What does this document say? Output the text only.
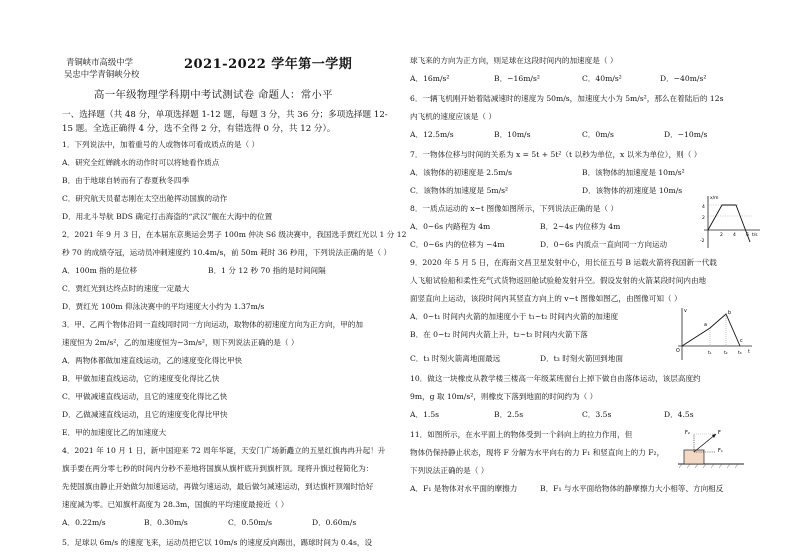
青铜峡市高级中学
吴忠中学青铜峡分校
2021-2022 学年第一学期
高一年级物理学科期中考试测试卷 命题人：常小平
一、选择题（共 48 分，单项选择题 1-12 题，每题 3 分，共 36 分；多项选择题 12-15 题。全选正确得 4 分，选不全得 2 分，有错选得 0 分，共 12 分）。
1．下列说法中，加着重号的人或物体可看成质点的是（ ）
A．研究全红婵跳水的动作时可以将她看作质点
B．由于地球自转而有了春夏秋冬四季
C．研究航天员翟志刚在太空出舱挥动国旗的动作
D．用北斗导航 BDS 确定打击海盗的“武汉”舰在大海中的位置
2．2021 年 9 月 3 日，在本届东京奥运会男子 100m 仲决 S6 级决赛中，我国选手贾红光以 1 分 12
秒 70 的成绩夺冠，运动员冲刺速度约 10.4m/s，前 50m 耗时 36 秒用，下列说法正确的是（ ）
A．100m 指的是位移	B．1 分 12 秒 70 指的是时间间隔
C．贾红光到达终点时的速度一定最大
D．贾红光 100m 仰泳决赛中的平均速度大小约为 1.37m/s
3．甲、乙两个物体沿同一直线同时同一方向运动，取物体的初速度方向为正方向，甲的加
速度恒为 2m/s²，乙的加速度恒为−3m/s²，则下列说法正确的是（ ）
A．两物体都做加速直线运动，乙的速度变化得比甲快
B．甲做加速直线运动，它的速度变化得比乙快
C．甲做减速直线运动，且它的速度变化得比乙快
D．乙做减速直线运动，且它的速度变化得比甲快
E．甲的加速度比乙的加速度大
4．2021 年 10 月 1 日，新中国迎来 72 周年华诞，天安门广场新矗立的五星红旗冉冉升起！升
旗手要在两分零七秒的时间内分秒不差地将国旗从旗杆底升到旗杆顶。现将升旗过程简化为：
先使国旗由静止开始做匀加速运动，再做匀速运动，最后做匀减速运动，到达旗杆顶端时恰好
速度减为零。已知旗杆高度为 28.3m，国旗的平均速度最接近（ ）
A．0.22m/s	B．0.30m/s	C．0.50m/s	D．0.60m/s
5．足球以 6m/s 的速度飞来，运动员把它以 10m/s 的速度反向踢出，踢球时间为 0.4s，设
球飞来的方向为正方向，则足球在这段时间内的加速度是（ ）
A．16m/s²	B．−16m/s²	C．40m/s²	D．−40m/s²
6．一辆飞机刚开始着陆减速时的速度为 50m/s，加速度大小为 5m/s²，那么在着陆后的 12s
内飞机的速度应该是（ ）
A．12.5m/s	B．10m/s	C．0m/s	D．−10m/s
7．一物体位移与时间的关系为 x = 5t + 5t²（t 以秒为单位，x 以米为单位），则（ ）
A．该物体的初速度是 2.5m/s	B．该物体的加速度是 10m/s²
C．该物体的加速度是 5m/s²	D．该物体的初速度是 10m/s
8．一质点运动的 x−t 图像如图所示，下列说法正确的是（ ）
A．0~6s 内路程为 4m	B．2~4s 内位移为 4m
C．0~6s 内的位移为 −4m	D．0~6s 内质点一直向同一方向运动
x/m
t/s
4
2
-2
2 4 6
9．2020 年 5 月 5 日，在海南文昌卫星发射中心，用长征五号 B 运载火箭将我国新一代载
人飞船试验船和柔性充气式货物返回舱试验舱发射升空。假设发射的火箭某段时间内由地
面竖直向上运动，该段时间内其竖直方向上的 v−t 图像如图乙，由图像可知（ ）
A．0~t₁ 时间内火箭的加速度小于 t₁~t₂ 时间内火箭的加速度
B．在 0~t₂ 时间内火箭上升，t₂~t₃ 时间内火箭下落
C．t₃ 时刻火箭离地面最远	D．t₃ 时刻火箭回到地面
v
t
O
a
b
c
t₁	t₂ t₃
10．做这一块橡皮从教学楼三楼高一年级某班窗台上掉下做自由落体运动，该层高度约
9m，g 取 10m/s²，则橡皮下落到地面的时间约为（ ）
A．1.5s	B．2.5s	C．3.5s	D．4.5s
11．如图所示，在水平面上的物体受到一个斜向上的拉力作用，但
物体仍保持静止状态，现将 F 分解为水平向右的力 F₁ 和竖直向上的力 F₂，
下列说法正确的是（ ）
A．F₁ 是物体对水平面的摩擦力	B．F₁ 与水平面给物体的静摩擦力大小相等、方向相反
F₂	F
F₁
